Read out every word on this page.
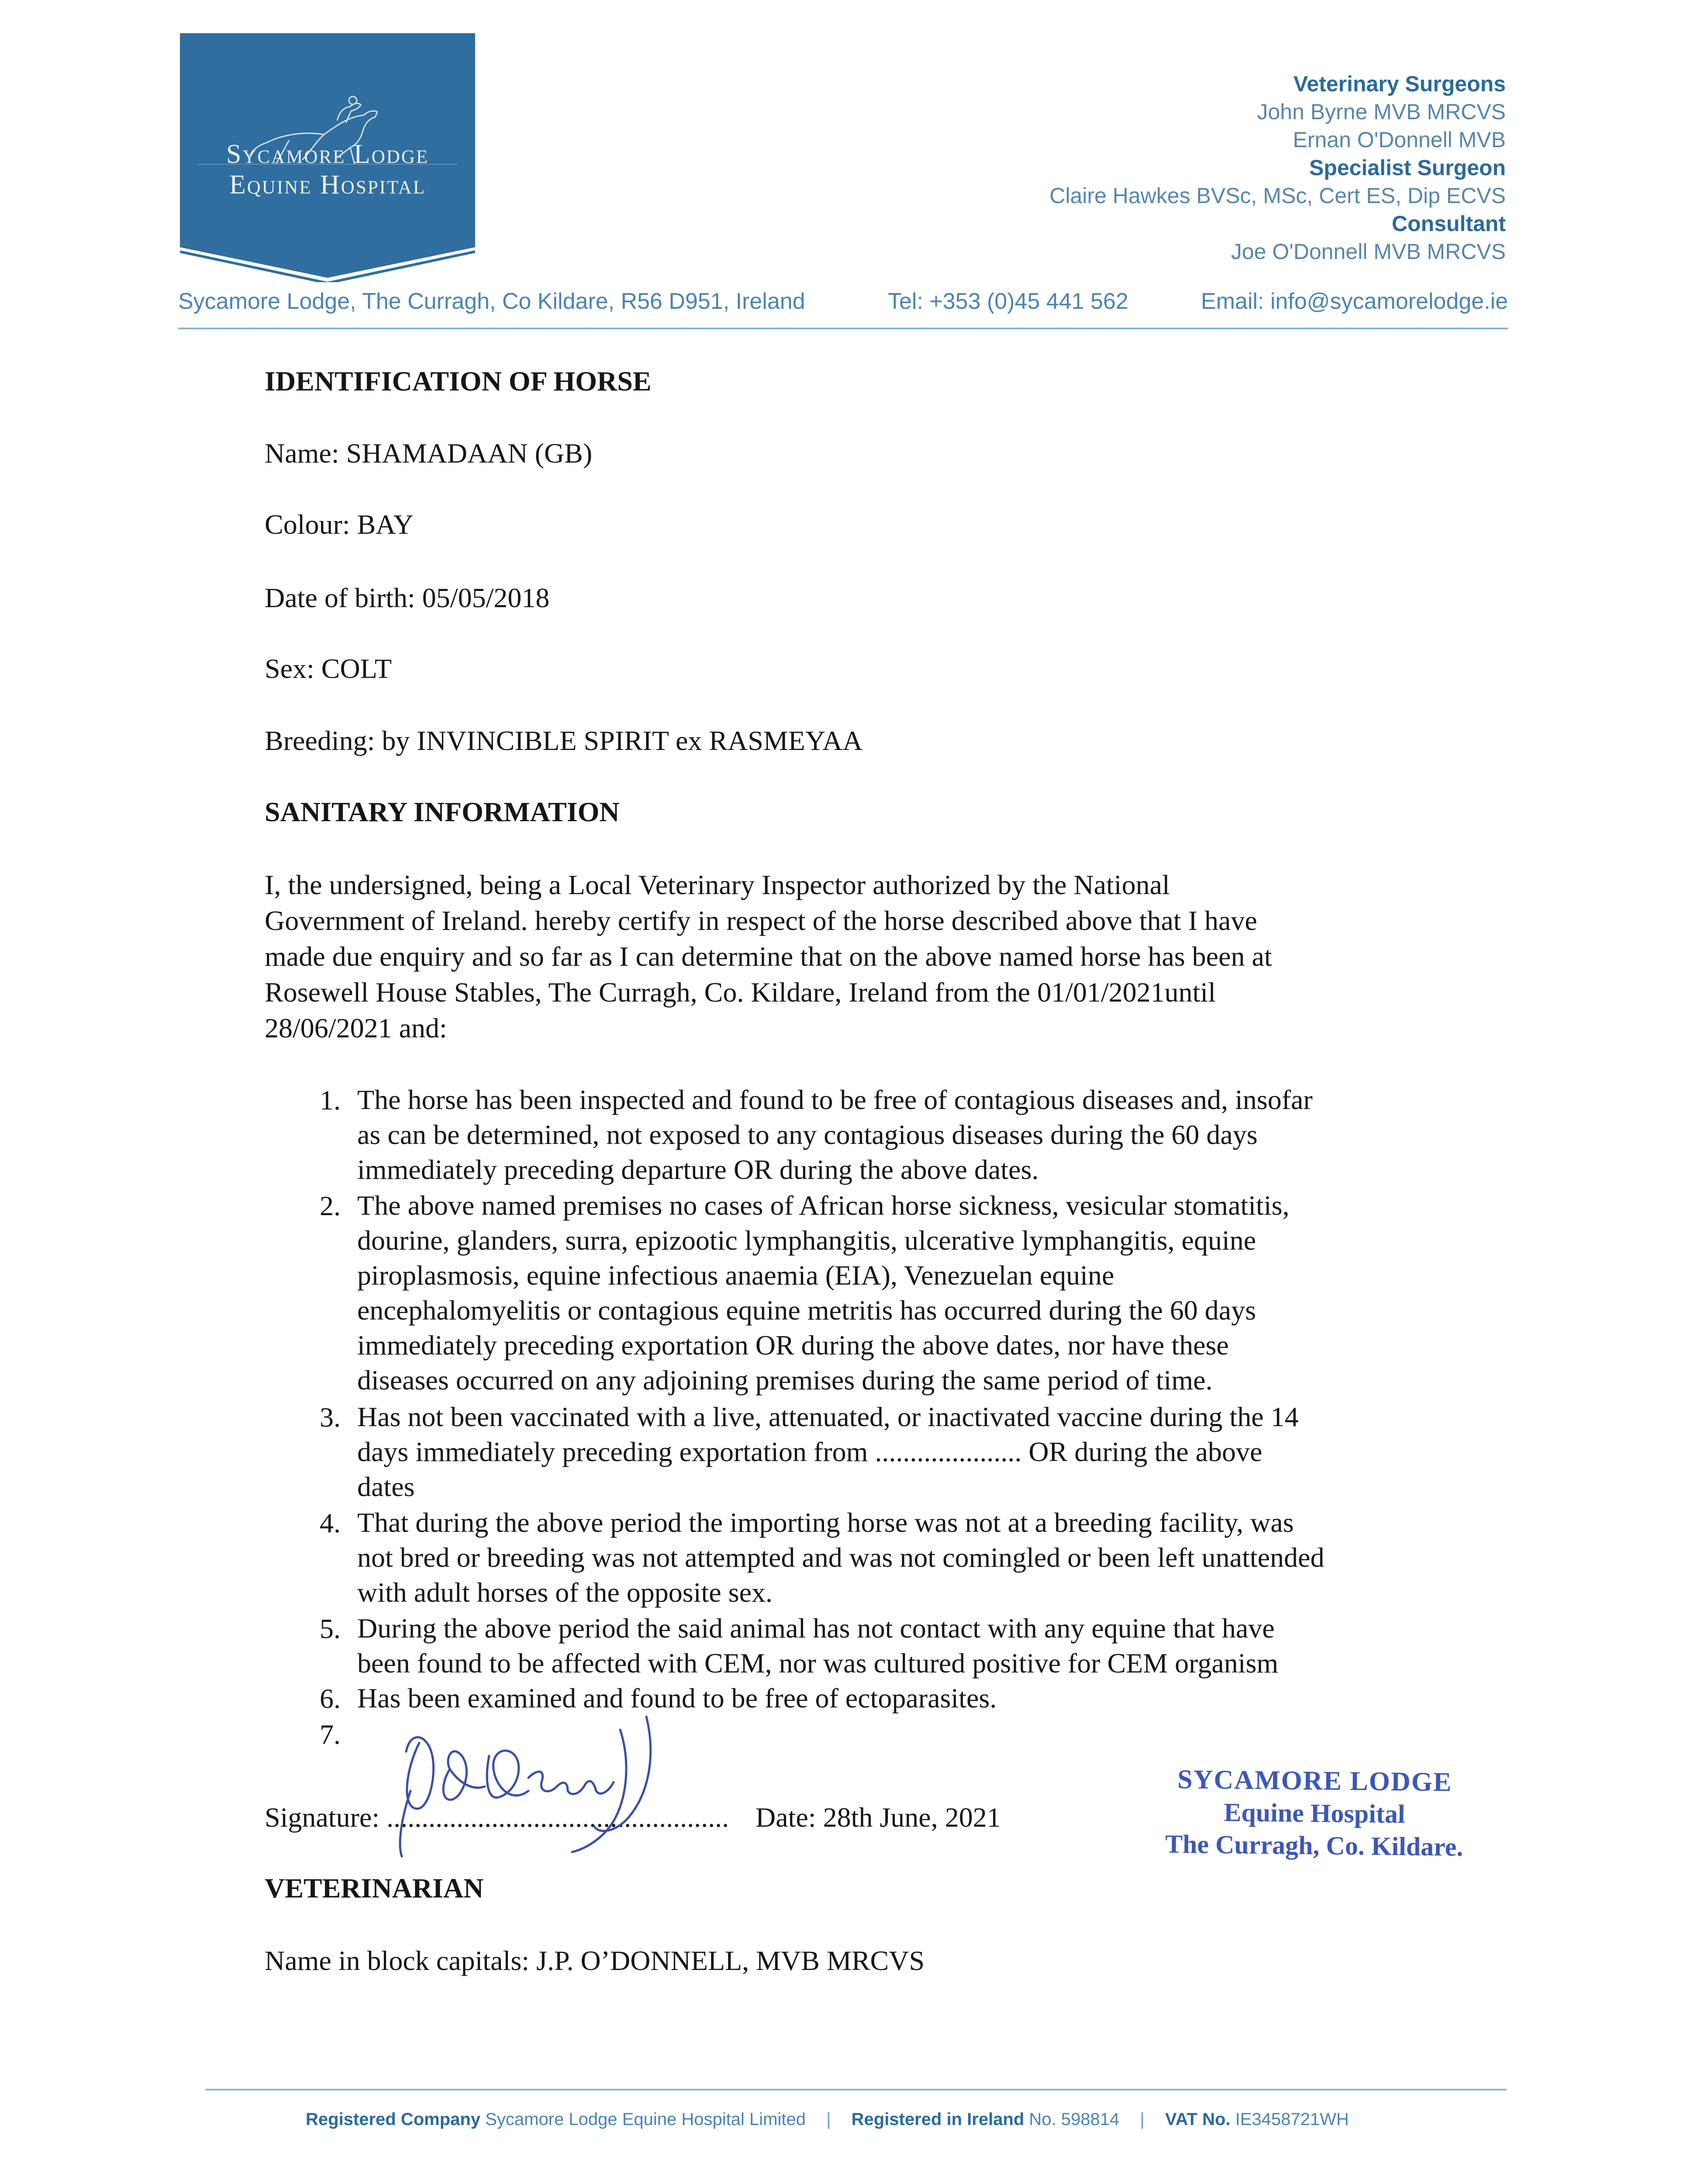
Sycamore Lodge
Equine Hospital
Veterinary Surgeons
John Byrne MVB MRCVS
Ernan O'Donnell MVB
Specialist Surgeon
Claire Hawkes BVSc, MSc, Cert ES, Dip ECVS
Consultant
Joe O'Donnell MVB MRCVS
Sycamore Lodge, The Curragh, Co Kildare, R56 D951, Ireland	Tel: +353 (0)45 441 562	Email: info@sycamorelodge.ie
IDENTIFICATION OF HORSE
Name: SHAMADAAN (GB)
Colour: BAY
Date of birth: 05/05/2018
Sex: COLT
Breeding: by INVINCIBLE SPIRIT ex RASMEYAA
SANITARY INFORMATION
I, the undersigned, being a Local Veterinary Inspector authorized by the National
Government of Ireland. hereby certify in respect of the horse described above that I have
made due enquiry and so far as I can determine that on the above named horse has been at
Rosewell House Stables, The Curragh, Co. Kildare, Ireland from the 01/01/2021until
28/06/2021 and:
1. The horse has been inspected and found to be free of contagious diseases and, insofar
as can be determined, not exposed to any contagious diseases during the 60 days
immediately preceding departure OR during the above dates.
2. The above named premises no cases of African horse sickness, vesicular stomatitis,
dourine, glanders, surra, epizootic lymphangitis, ulcerative lymphangitis, equine
piroplasmosis, equine infectious anaemia (EIA), Venezuelan equine
encephalomyelitis or contagious equine metritis has occurred during the 60 days
immediately preceding exportation OR during the above dates, nor have these
diseases occurred on any adjoining premises during the same period of time.
3. Has not been vaccinated with a live, attenuated, or inactivated vaccine during the 14
days immediately preceding exportation from ..................... OR during the above
dates
4. That during the above period the importing horse was not at a breeding facility, was
not bred or breeding was not attempted and was not comingled or been left unattended
with adult horses of the opposite sex.
5. During the above period the said animal has not contact with any equine that have
been found to be affected with CEM, nor was cultured positive for CEM organism
6. Has been examined and found to be free of ectoparasites.
7.
Signature: ................................................. Date: 28th June, 2021
VETERINARIAN
Name in block capitals: J.P. O’DONNELL, MVB MRCVS
SYCAMORE LODGE
Equine Hospital
The Curragh, Co. Kildare.
Registered Company Sycamore Lodge Equine Hospital Limited | Registered in Ireland No. 598814 | VAT No. IE3458721WH
